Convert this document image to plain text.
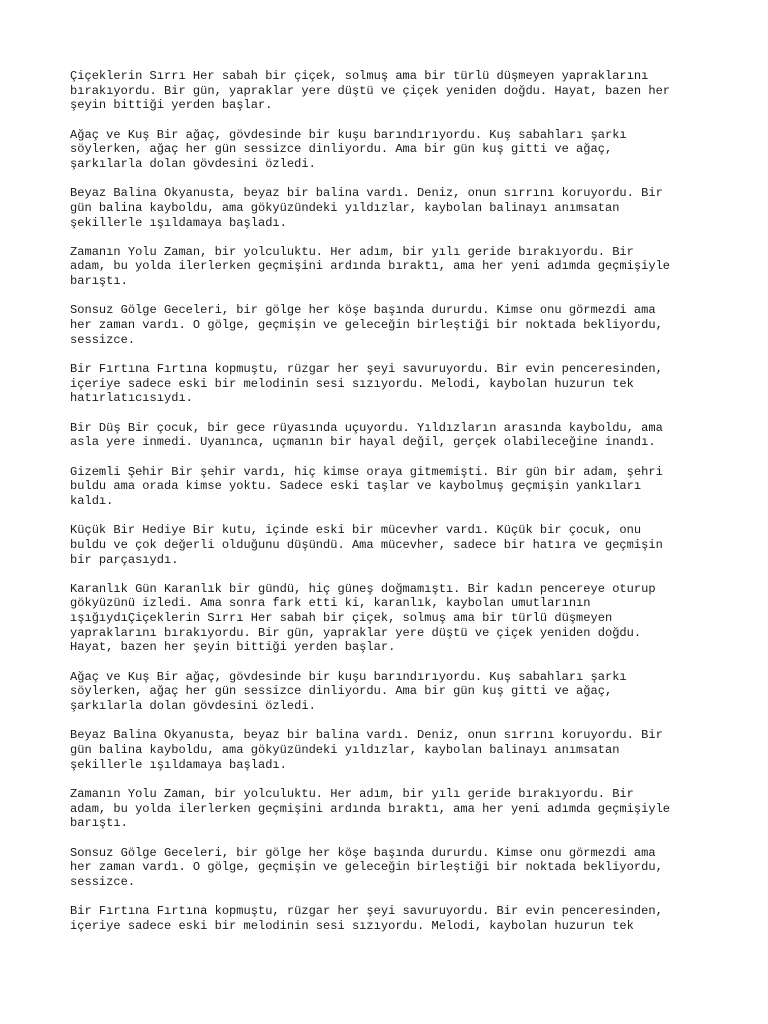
Çiçeklerin Sırrı Her sabah bir çiçek, solmuş ama bir türlü düşmeyen yapraklarını
bırakıyordu. Bir gün, yapraklar yere düştü ve çiçek yeniden doğdu. Hayat, bazen her
şeyin bittiği yerden başlar.

Ağaç ve Kuş Bir ağaç, gövdesinde bir kuşu barındırıyordu. Kuş sabahları şarkı
söylerken, ağaç her gün sessizce dinliyordu. Ama bir gün kuş gitti ve ağaç,
şarkılarla dolan gövdesini özledi.

Beyaz Balina Okyanusta, beyaz bir balina vardı. Deniz, onun sırrını koruyordu. Bir
gün balina kayboldu, ama gökyüzündeki yıldızlar, kaybolan balinayı anımsatan
şekillerle ışıldamaya başladı.

Zamanın Yolu Zaman, bir yolculuktu. Her adım, bir yılı geride bırakıyordu. Bir
adam, bu yolda ilerlerken geçmişini ardında bıraktı, ama her yeni adımda geçmişiyle
barıştı.

Sonsuz Gölge Geceleri, bir gölge her köşe başında dururdu. Kimse onu görmezdi ama
her zaman vardı. O gölge, geçmişin ve geleceğin birleştiği bir noktada bekliyordu,
sessizce.

Bir Fırtına Fırtına kopmuştu, rüzgar her şeyi savuruyordu. Bir evin penceresinden,
içeriye sadece eski bir melodinin sesi sızıyordu. Melodi, kaybolan huzurun tek
hatırlatıcısıydı.

Bir Düş Bir çocuk, bir gece rüyasında uçuyordu. Yıldızların arasında kayboldu, ama
asla yere inmedi. Uyanınca, uçmanın bir hayal değil, gerçek olabileceğine inandı.

Gizemli Şehir Bir şehir vardı, hiç kimse oraya gitmemişti. Bir gün bir adam, şehri
buldu ama orada kimse yoktu. Sadece eski taşlar ve kaybolmuş geçmişin yankıları
kaldı.

Küçük Bir Hediye Bir kutu, içinde eski bir mücevher vardı. Küçük bir çocuk, onu
buldu ve çok değerli olduğunu düşündü. Ama mücevher, sadece bir hatıra ve geçmişin
bir parçasıydı.

Karanlık Gün Karanlık bir gündü, hiç güneş doğmamıştı. Bir kadın pencereye oturup
gökyüzünü izledi. Ama sonra fark etti ki, karanlık, kaybolan umutlarının
ışığıydıÇiçeklerin Sırrı Her sabah bir çiçek, solmuş ama bir türlü düşmeyen
yapraklarını bırakıyordu. Bir gün, yapraklar yere düştü ve çiçek yeniden doğdu.
Hayat, bazen her şeyin bittiği yerden başlar.

Ağaç ve Kuş Bir ağaç, gövdesinde bir kuşu barındırıyordu. Kuş sabahları şarkı
söylerken, ağaç her gün sessizce dinliyordu. Ama bir gün kuş gitti ve ağaç,
şarkılarla dolan gövdesini özledi.

Beyaz Balina Okyanusta, beyaz bir balina vardı. Deniz, onun sırrını koruyordu. Bir
gün balina kayboldu, ama gökyüzündeki yıldızlar, kaybolan balinayı anımsatan
şekillerle ışıldamaya başladı.

Zamanın Yolu Zaman, bir yolculuktu. Her adım, bir yılı geride bırakıyordu. Bir
adam, bu yolda ilerlerken geçmişini ardında bıraktı, ama her yeni adımda geçmişiyle
barıştı.

Sonsuz Gölge Geceleri, bir gölge her köşe başında dururdu. Kimse onu görmezdi ama
her zaman vardı. O gölge, geçmişin ve geleceğin birleştiği bir noktada bekliyordu,
sessizce.

Bir Fırtına Fırtına kopmuştu, rüzgar her şeyi savuruyordu. Bir evin penceresinden,
içeriye sadece eski bir melodinin sesi sızıyordu. Melodi, kaybolan huzurun tek
